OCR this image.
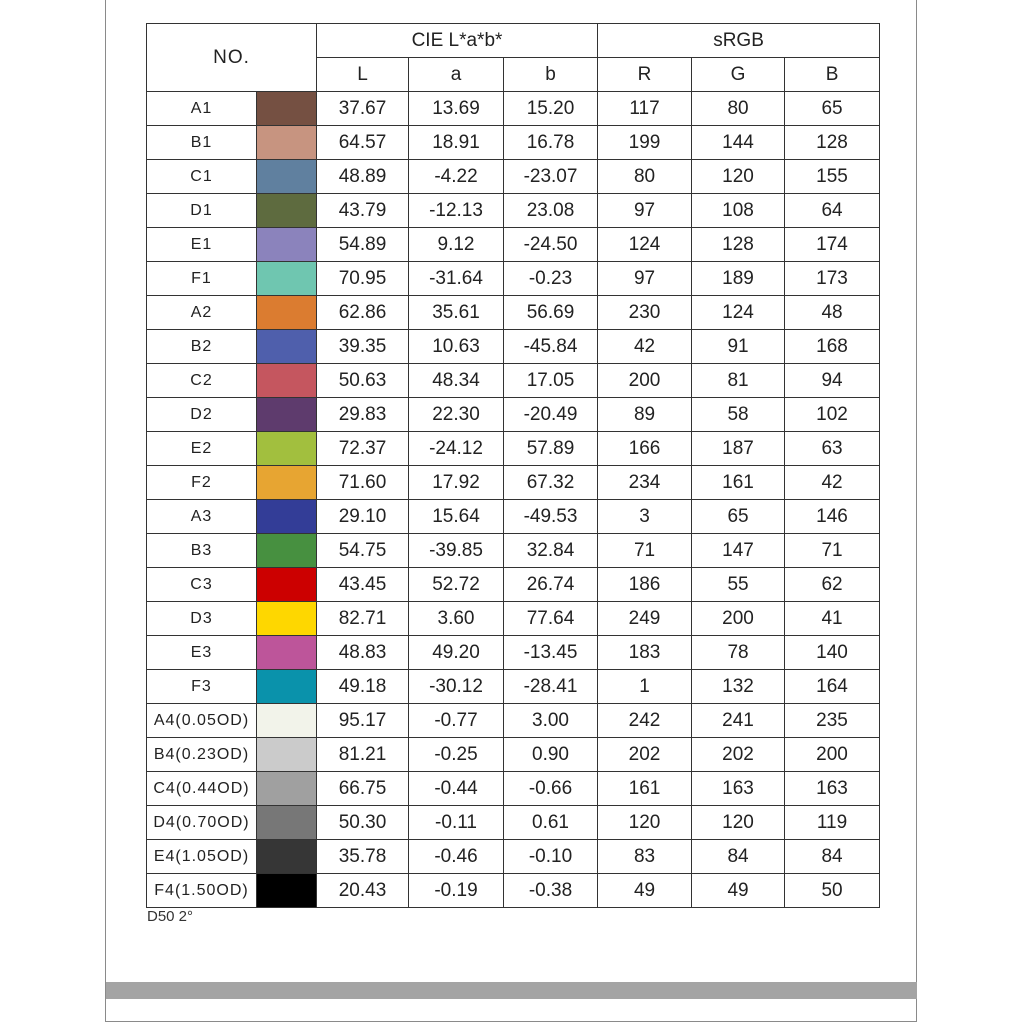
NO.		CIE L*a*b*			sRGB		
		L	a	b	R	G	B
A1		37.67	13.69	15.20	117	80	65
B1		64.57	18.91	16.78	199	144	128
C1		48.89	-4.22	-23.07	80	120	155
D1		43.79	-12.13	23.08	97	108	64
E1		54.89	9.12	-24.50	124	128	174
F1		70.95	-31.64	-0.23	97	189	173
A2		62.86	35.61	56.69	230	124	48
B2		39.35	10.63	-45.84	42	91	168
C2		50.63	48.34	17.05	200	81	94
D2		29.83	22.30	-20.49	89	58	102
E2		72.37	-24.12	57.89	166	187	63
F2		71.60	17.92	67.32	234	161	42
A3		29.10	15.64	-49.53	3	65	146
B3		54.75	-39.85	32.84	71	147	71
C3		43.45	52.72	26.74	186	55	62
D3		82.71	3.60	77.64	249	200	41
E3		48.83	49.20	-13.45	183	78	140
F3		49.18	-30.12	-28.41	1	132	164
A4(0.05OD)		95.17	-0.77	3.00	242	241	235
B4(0.23OD)		81.21	-0.25	0.90	202	202	200
C4(0.44OD)		66.75	-0.44	-0.66	161	163	163
D4(0.70OD)		50.30	-0.11	0.61	120	120	119
E4(1.05OD)		35.78	-0.46	-0.10	83	84	84
F4(1.50OD)		20.43	-0.19	-0.38	49	49	50
D50 2°
